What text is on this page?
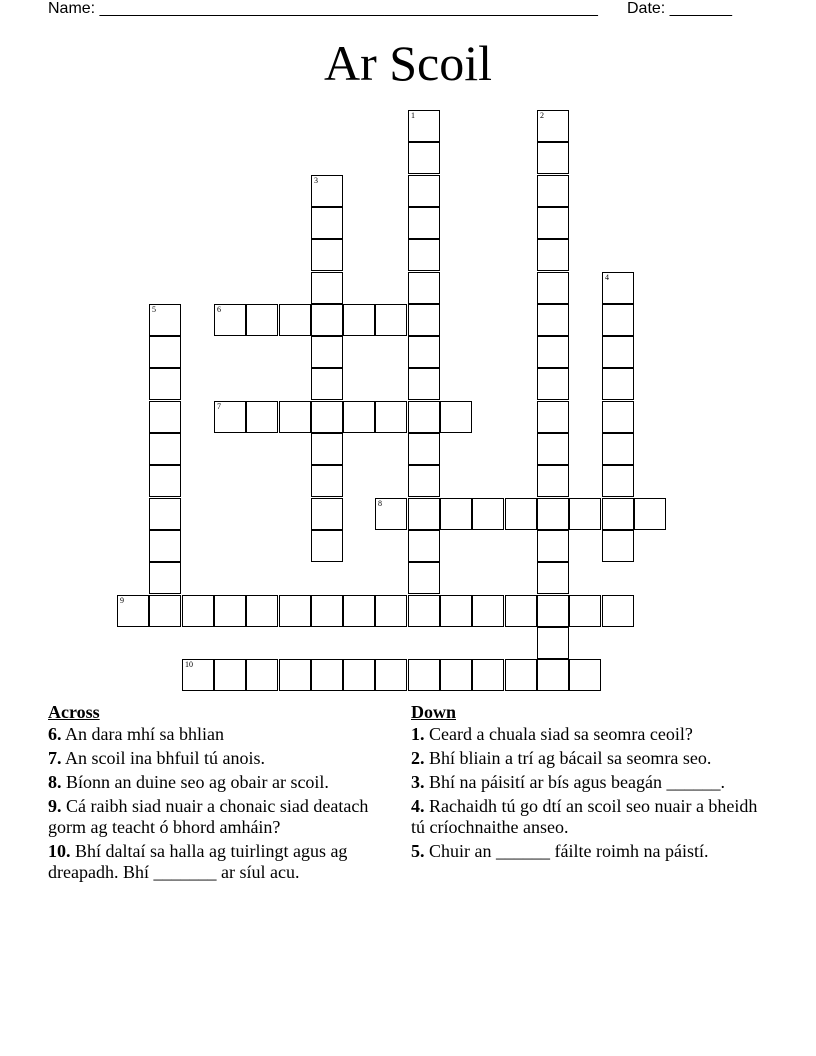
Name: ________________________________________________________ Date: _______
Ar Scoil
1	2
3
4
5	6
7
8
9
10
Across
6. An dara mhí sa bhlian
7. An scoil ina bhfuil tú anois.
8. Bíonn an duine seo ag obair ar scoil.
9. Cá raibh siad nuair a chonaic siad deatach gorm ag teacht ó bhord amháin?
10. Bhí daltaí sa halla ag tuirlingt agus ag dreapadh. Bhí _______ ar síul acu.
Down
1. Ceard a chuala siad sa seomra ceoil?
2. Bhí bliain a trí ag bácail sa seomra seo.
3. Bhí na páisití ar bís agus beagán ______.
4. Rachaidh tú go dtí an scoil seo nuair a bheidh tú críochnaithe anseo.
5. Chuir an ______ fáilte roimh na páistí.
